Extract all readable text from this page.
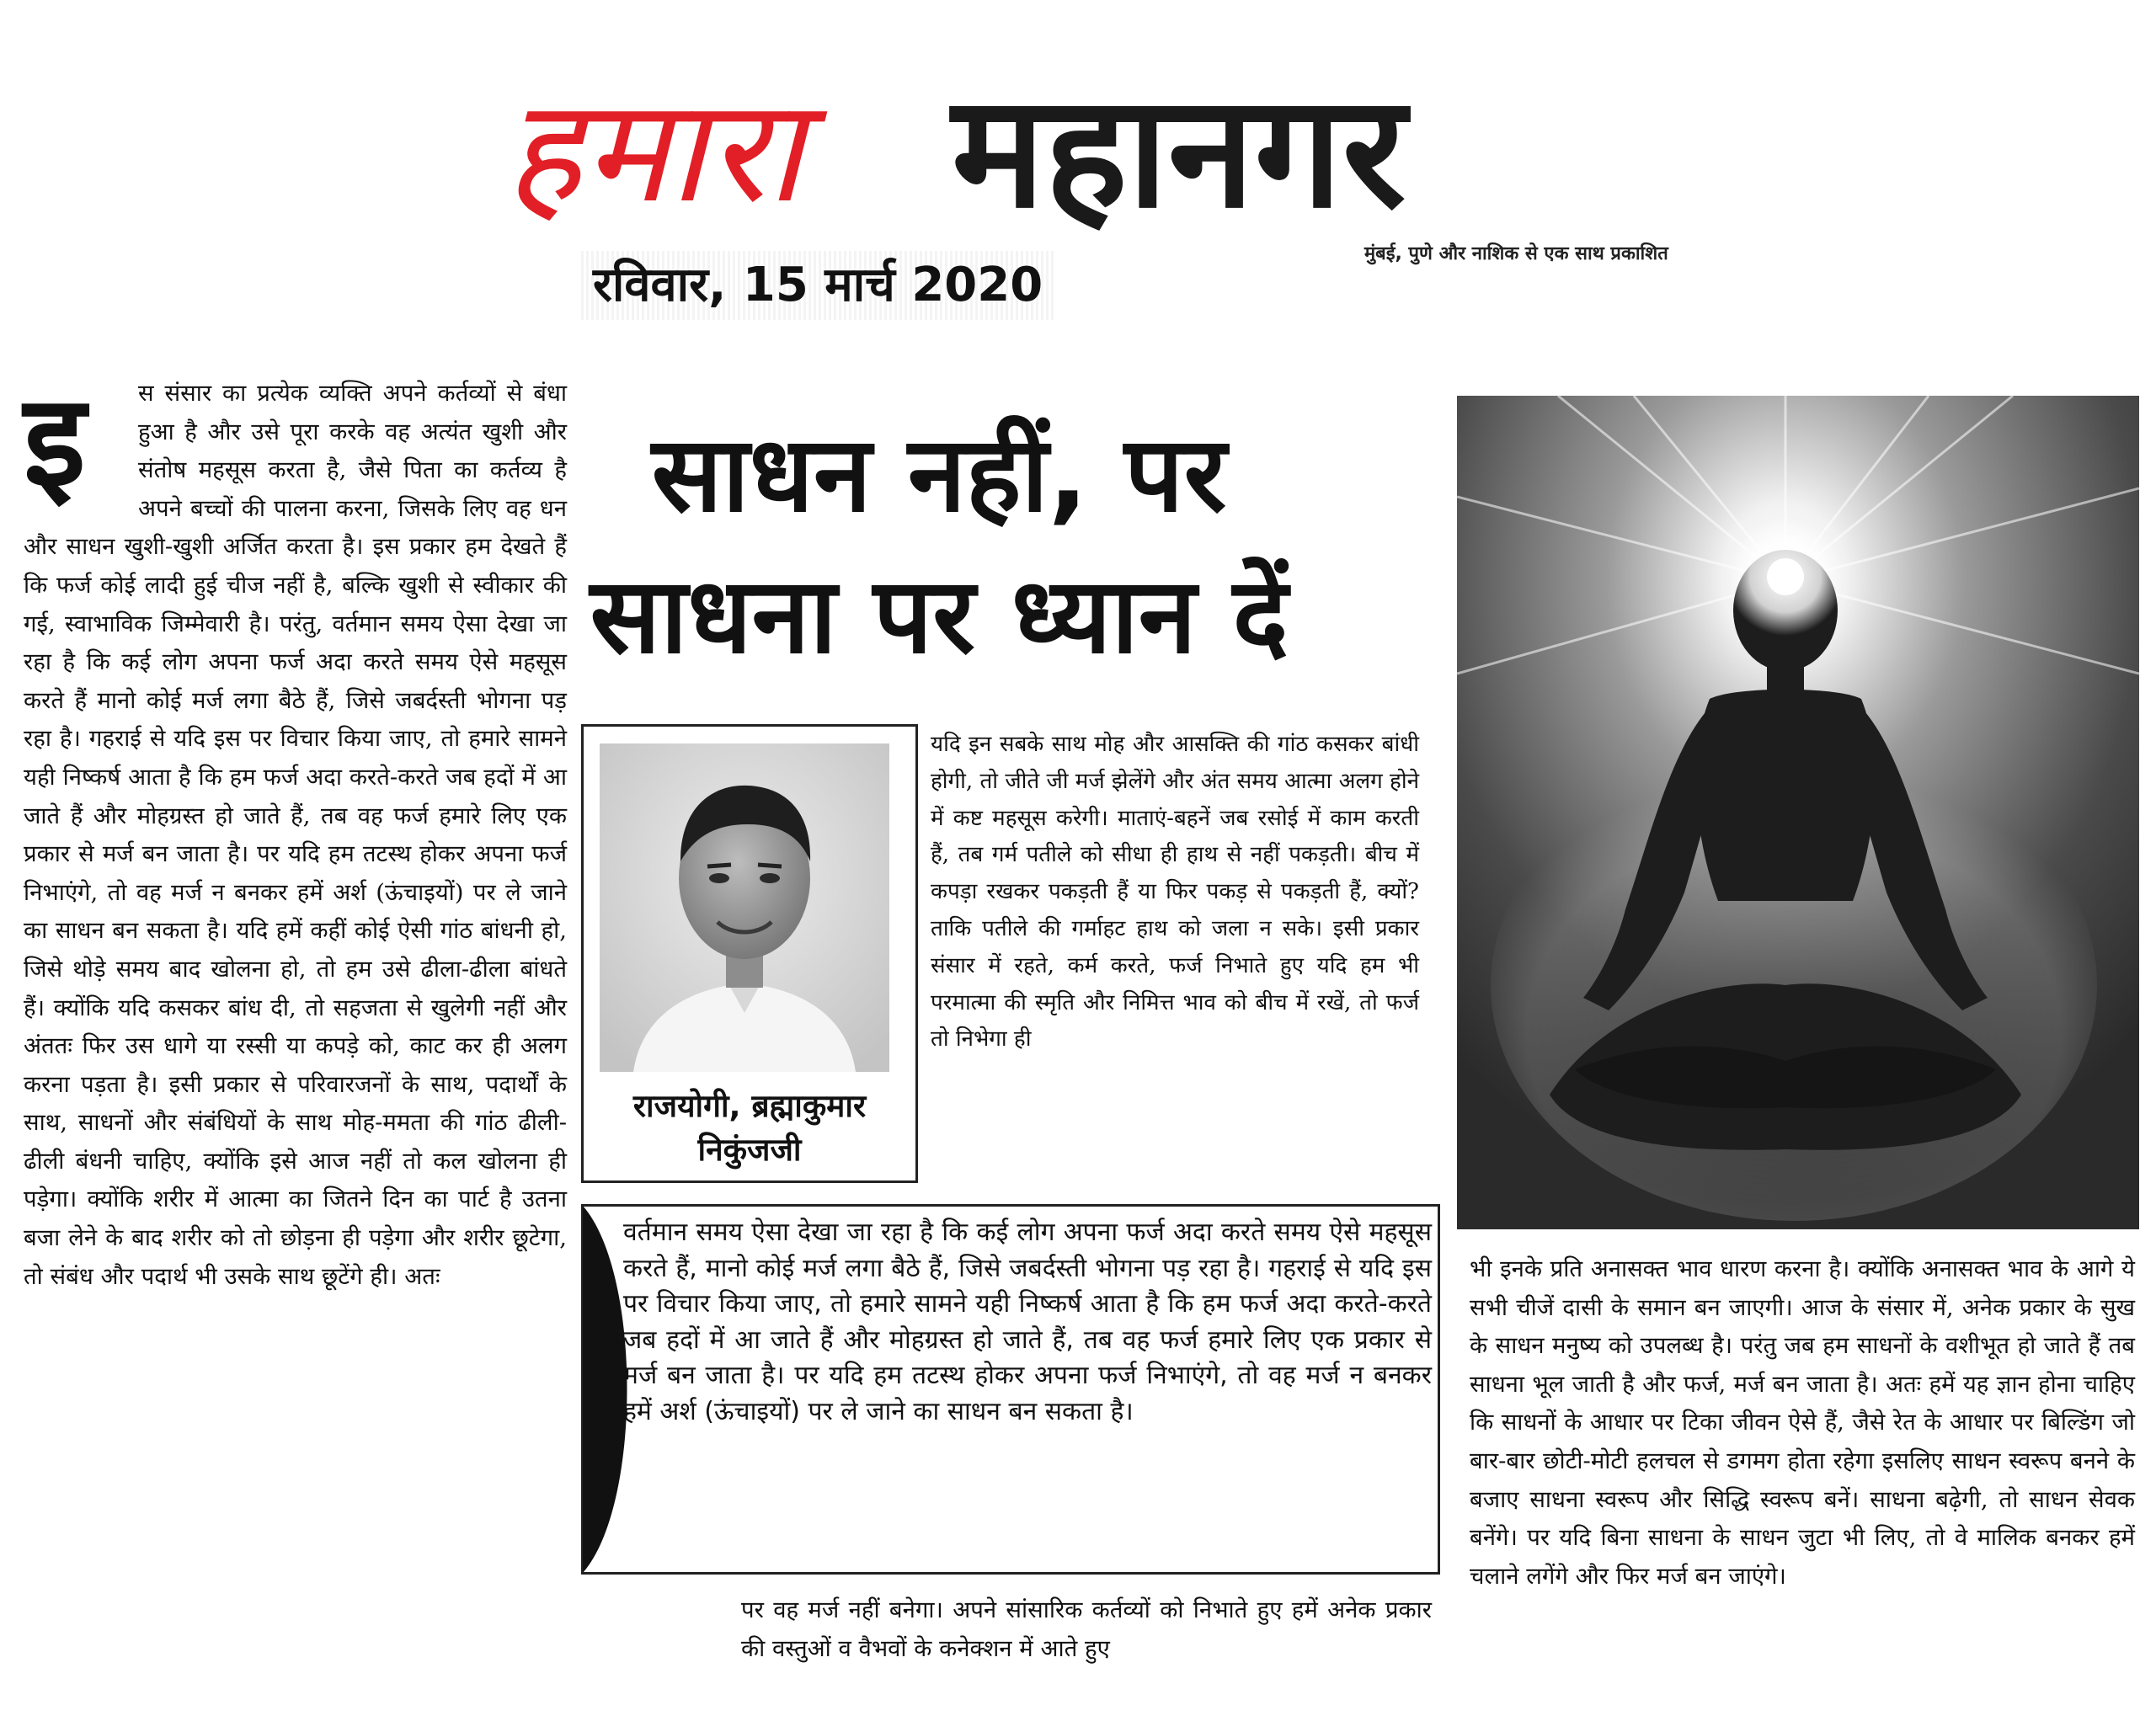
हमारा महानगर
मुंबई, पुणे और नाशिक से एक साथ प्रकाशित
रविवार, 15 मार्च 2020
साधन नहीं, पर
साधना पर ध्यान दें
इ	स संसार का प्रत्येक व्यक्ति अपने कर्तव्यों से बंधा हुआ है और उसे पूरा करके वह अत्यंत खुशी और संतोष महसूस करता है, जैसे पिता का कर्तव्य है अपने बच्चों की पालना करना, जिसके लिए वह धन और साधन खुशी-खुशी अर्जित करता है। इस प्रकार हम देखते हैं कि फर्ज कोई लादी हुई चीज नहीं है, बल्कि खुशी से स्वीकार की गई, स्वाभाविक जिम्मेवारी है। परंतु, वर्तमान समय ऐसा देखा जा रहा है कि कई लोग अपना फर्ज अदा करते समय ऐसे महसूस करते हैं मानो कोई मर्ज लगा बैठे हैं, जिसे जबर्दस्ती भोगना पड़ रहा है। गहराई से यदि इस पर विचार किया जाए, तो हमारे सामने यही निष्कर्ष आता है कि हम फर्ज अदा करते-करते जब हदों में आ जाते हैं और मोहग्रस्त हो जाते हैं, तब वह फर्ज हमारे लिए एक प्रकार से मर्ज बन जाता है। पर यदि हम तटस्थ होकर अपना फर्ज निभाएंगे, तो वह मर्ज न बनकर हमें अर्श (ऊंचाइयों) पर ले जाने का साधन बन सकता है। यदि हमें कहीं कोई ऐसी गांठ बांधनी हो, जिसे थोड़े समय बाद खोलना हो, तो हम उसे ढीला-ढीला बांधते हैं। क्योंकि यदि कसकर बांध दी, तो सहजता से खुलेगी नहीं और अंततः फिर उस धागे या रस्सी या कपड़े को, काट कर ही अलग करना पड़ता है। इसी प्रकार से परिवारजनों के साथ, पदार्थों के साथ, साधनों और संबंधियों के साथ मोह-ममता की गांठ ढीली-ढीली बंधनी चाहिए, क्योंकि इसे आज नहीं तो कल खोलना ही पड़ेगा। क्योंकि शरीर में आत्मा का जितने दिन का पार्ट है उतना बजा लेने के बाद शरीर को तो छोड़ना ही पड़ेगा और शरीर छूटेगा, तो संबंध और पदार्थ भी उसके साथ छूटेंगे ही। अतः
राजयोगी, ब्रह्माकुमार
निकुंजजी
यदि इन सबके साथ मोह और आसक्ति की गांठ कसकर बांधी होगी, तो जीते जी मर्ज झेलेंगे और अंत समय आत्मा अलग होने में कष्ट महसूस करेगी। माताएं-बहनें जब रसोई में काम करती हैं, तब गर्म पतीले को सीधा ही हाथ से नहीं पकड़ती। बीच में कपड़ा रखकर पकड़ती हैं या फिर पकड़ से पकड़ती हैं, क्यों? ताकि पतीले की गर्माहट हाथ को जला न सके। इसी प्रकार संसार में रहते, कर्म करते, फर्ज निभाते हुए यदि हम भी परमात्मा की स्मृति और निमित्त भाव को बीच में रखें, तो फर्ज तो निभेगा ही
वर्तमान समय ऐसा देखा जा रहा है कि कई लोग अपना फर्ज अदा करते समय ऐसे महसूस करते हैं, मानो कोई मर्ज लगा बैठे हैं, जिसे जबर्दस्ती भोगना पड़ रहा है। गहराई से यदि इस पर विचार किया जाए, तो हमारे सामने यही निष्कर्ष आता है कि हम फर्ज अदा करते-करते जब हदों में आ जाते हैं और मोहग्रस्त हो जाते हैं, तब वह फर्ज हमारे लिए एक प्रकार से मर्ज बन जाता है। पर यदि हम तटस्थ होकर अपना फर्ज निभाएंगे, तो वह मर्ज न बनकर हमें अर्श (ऊंचाइयों) पर ले जाने का साधन बन सकता है।
पर वह मर्ज नहीं बनेगा। अपने सांसारिक कर्तव्यों को निभाते हुए हमें अनेक प्रकार की वस्तुओं व वैभवों के कनेक्शन में आते हुए
भी इनके प्रति अनासक्त भाव धारण करना है। क्योंकि अनासक्त भाव के आगे ये सभी चीजें दासी के समान बन जाएगी। आज के संसार में, अनेक प्रकार के सुख के साधन मनुष्य को उपलब्ध है। परंतु जब हम साधनों के वशीभूत हो जाते हैं तब साधना भूल जाती है और फर्ज, मर्ज बन जाता है। अतः हमें यह ज्ञान होना चाहिए कि साधनों के आधार पर टिका जीवन ऐसे हैं, जैसे रेत के आधार पर बिल्डिंग जो बार-बार छोटी-मोटी हलचल से डगमग होता रहेगा इसलिए साधन स्वरूप बनने के बजाए साधना स्वरूप और सिद्धि स्वरूप बनें। साधना बढ़ेगी, तो साधन सेवक बनेंगे। पर यदि बिना साधना के साधन जुटा भी लिए, तो वे मालिक बनकर हमें चलाने लगेंगे और फिर मर्ज बन जाएंगे।
